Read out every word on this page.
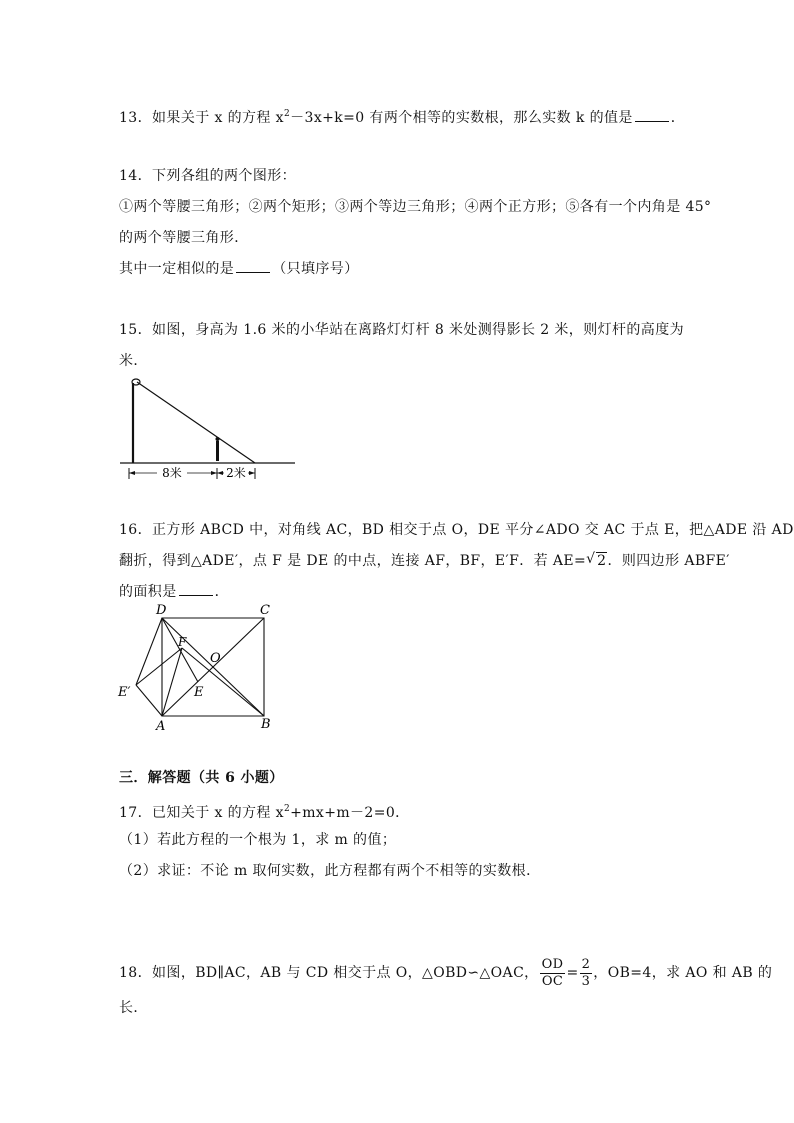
13．如果关于 x 的方程 $x^2-3x+k=0$ 有两个相等的实数根，那么实数 k 的值是	．
14．下列各组的两个图形：
①两个等腰三角形；②两个矩形；③两个等边三角形；④两个正方形；⑤各有一个内角是 45°
的两个等腰三角形．
其中一定相似的是	（只填序号）
15．如图，身高为 1.6 米的小华站在离路灯灯杆 8 米处测得影长 2 米，则灯杆的高度为
米．
8米	2米
16．正方形 ABCD 中，对角线 AC，BD 相交于点 O，DE 平分∠ADO 交 AC 于点 E，把△ADE 沿 AD
翻折，得到△ADE′，点 F 是 DE 的中点，连接 AF，BF，E′F．若 AE= √ 2．则四边形 ABFE′
的面积是	．
D	C
F
O
E′	E
A	B
三．解答题（共 6 小题）
17．已知关于 x 的方程 $x^2+mx+m-2=0$．
（1）若此方程的一个根为 1，求 m 的值；
（2）求证：不论 m 取何实数，此方程都有两个不相等的实数根．
18．如图，BD∥AC，AB 与 CD 相交于点 O，△OBD∽△OAC， $\frac{OD}{OC} = \frac{2}{3}$ ，OB=4，求 AO 和 AB 的
长．
